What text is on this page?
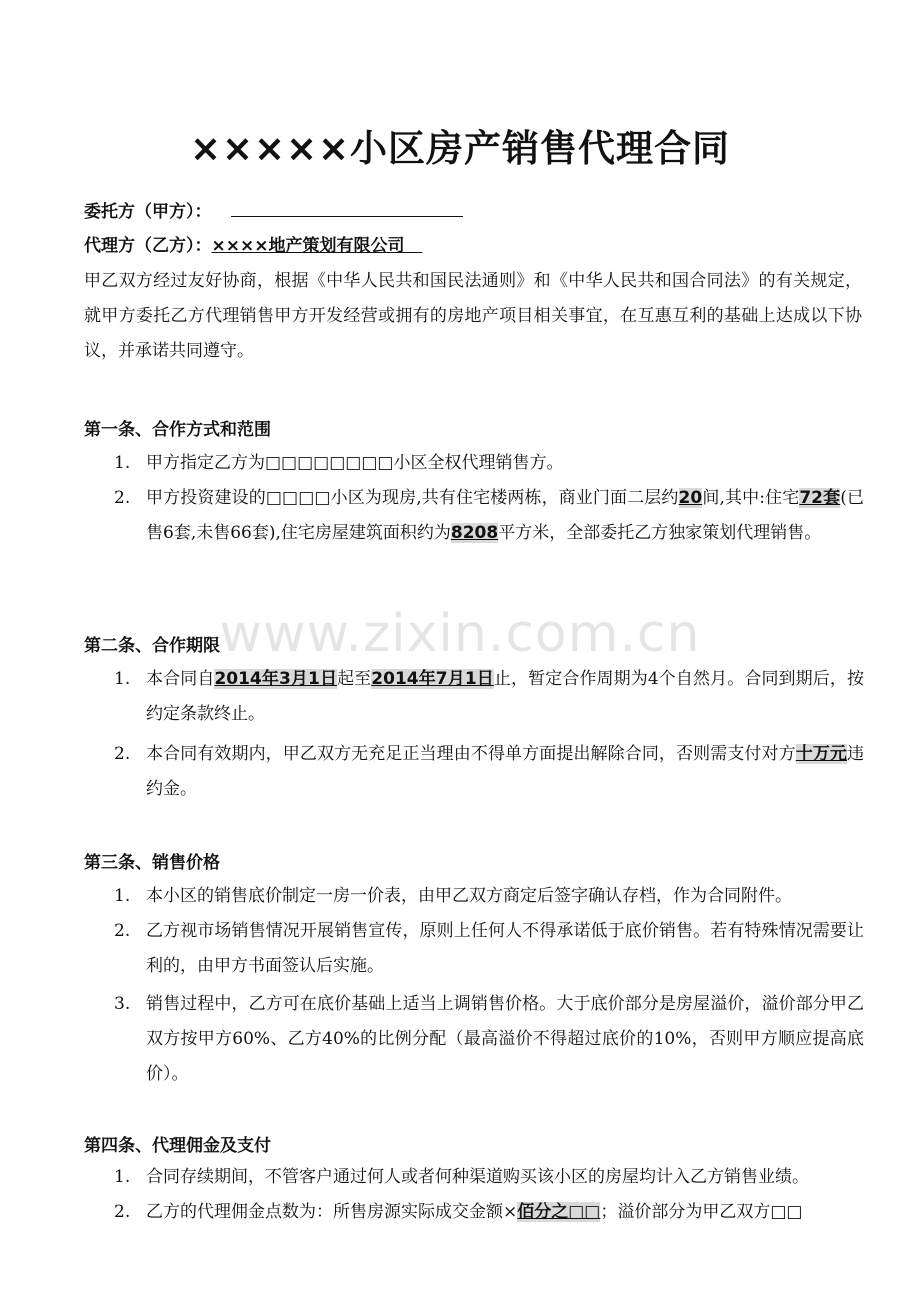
www.zixin.com.cn
×××××小区房产销售代理合同
委托方（甲方）：
代理方（乙方）：××××地产策划有限公司

甲乙双方经过友好协商，根据《中华人民共和国民法通则》和《中华人民共和国合同法》的有关规定，就甲方委托乙方代理销售甲方开发经营或拥有的房地产项目相关事宜，在互惠互利的基础上达成以下协议，并承诺共同遵守。

第一条、合作方式和范围
1. 甲方指定乙方为□□□□□□□□小区全权代理销售方。
2. 甲方投资建设的□□□□小区为现房,共有住宅楼两栋，商业门面二层约20间,其中:住宅72套(已售6套,未售66套),住宅房屋建筑面积约为8208平方米，全部委托乙方独家策划代理销售。
第二条、合作期限
1. 本合同自2014年3月1日起至2014年7月1日止，暂定合作周期为4个自然月。合同到期后，按约定条款终止。
2. 本合同有效期内，甲乙双方无充足正当理由不得单方面提出解除合同，否则需支付对方十万元违约金。
第三条、销售价格
1. 本小区的销售底价制定一房一价表，由甲乙双方商定后签字确认存档，作为合同附件。
2. 乙方视市场销售情况开展销售宣传，原则上任何人不得承诺低于底价销售。若有特殊情况需要让利的，由甲方书面签认后实施。
3. 销售过程中，乙方可在底价基础上适当上调销售价格。大于底价部分是房屋溢价，溢价部分甲乙双方按甲方60%、乙方40%的比例分配（最高溢价不得超过底价的10%，否则甲方顺应提高底价）。
第四条、代理佣金及支付
1. 合同存续期间，不管客户通过何人或者何种渠道购买该小区的房屋均计入乙方销售业绩。
2. 乙方的代理佣金点数为：所售房源实际成交金额×佰分之□□；溢价部分为甲乙双方□□
